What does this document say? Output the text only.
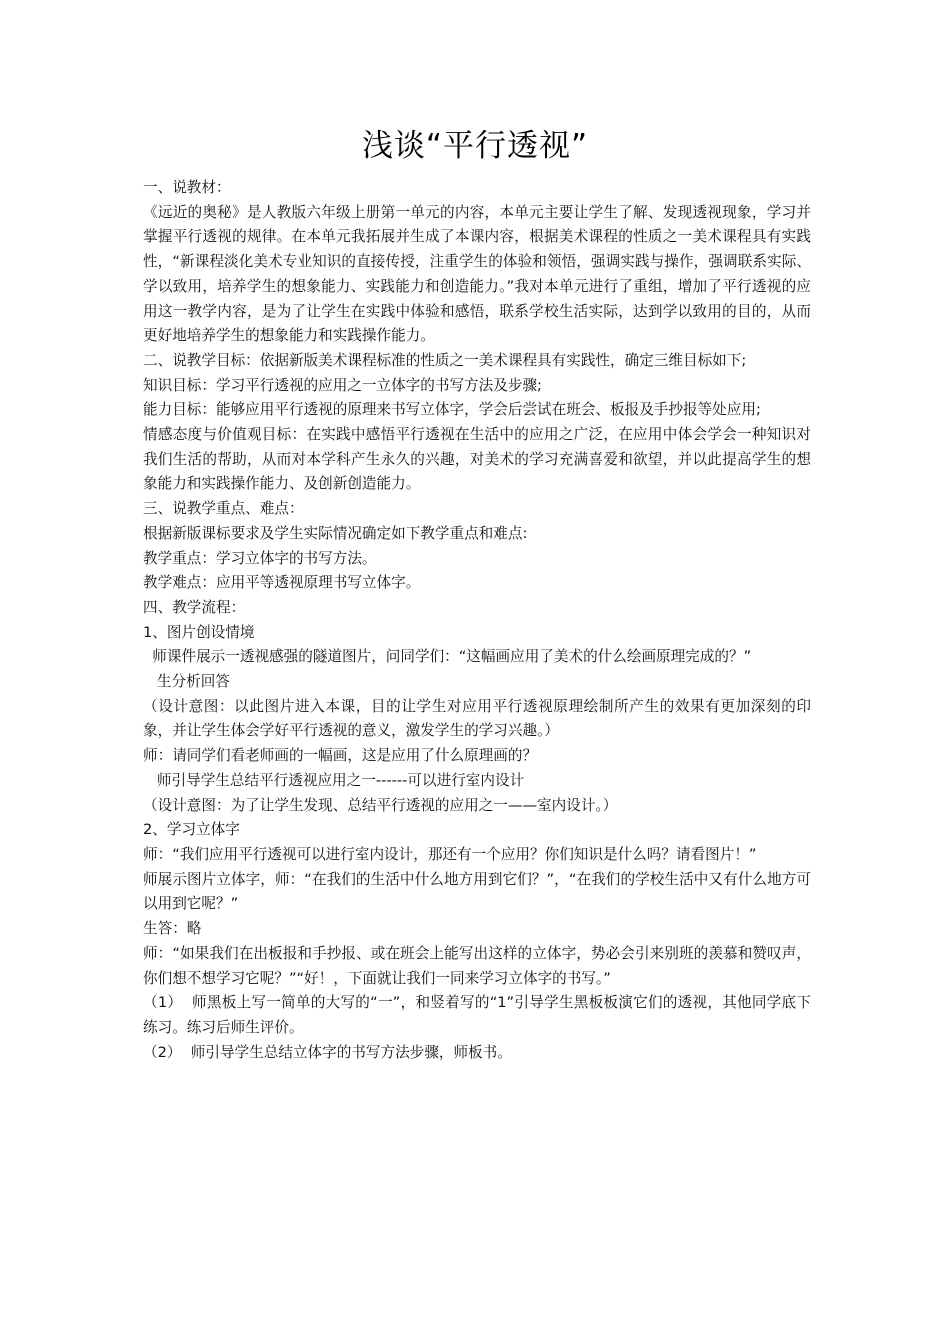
浅谈“平行透视”

一、说教材：

《远近的奥秘》是人教版六年级上册第一单元的内容，本单元主要让学生了解、发现透视现象，学习并掌握平行透视的规律。在本单元我拓展并生成了本课内容，根据美术课程的性质之一美术课程具有实践性，“新课程淡化美术专业知识的直接传授，注重学生的体验和领悟，强调实践与操作，强调联系实际、学以致用，培养学生的想象能力、实践能力和创造能力。”我对本单元进行了重组，增加了平行透视的应用这一教学内容，是为了让学生在实践中体验和感悟，联系学校生活实际，达到学以致用的目的，从而更好地培养学生的想象能力和实践操作能力。

二、说教学目标：依据新版美术课程标准的性质之一美术课程具有实践性，确定三维目标如下;

知识目标：学习平行透视的应用之一立体字的书写方法及步骤;

能力目标：能够应用平行透视的原理来书写立体字，学会后尝试在班会、板报及手抄报等处应用;

情感态度与价值观目标：在实践中感悟平行透视在生活中的应用之广泛，在应用中体会学会一种知识对我们生活的帮助，从而对本学科产生永久的兴趣，对美术的学习充满喜爱和欲望，并以此提高学生的想象能力和实践操作能力、及创新创造能力。

三、说教学重点、难点：

根据新版课标要求及学生实际情况确定如下教学重点和难点:

教学重点：学习立体字的书写方法。

教学难点：应用平等透视原理书写立体字。

四、教学流程：

1、图片创设情境

师课件展示一透视感强的隧道图片，问同学们：“这幅画应用了美术的什么绘画原理完成的？”

生分析回答

（设计意图：以此图片进入本课，目的让学生对应用平行透视原理绘制所产生的效果有更加深刻的印象，并让学生体会学好平行透视的意义，激发学生的学习兴趣。）

师：请同学们看老师画的一幅画，这是应用了什么原理画的？

师引导学生总结平行透视应用之一------可以进行室内设计

（设计意图：为了让学生发现、总结平行透视的应用之一——室内设计。）

2、学习立体字

师：“我们应用平行透视可以进行室内设计，那还有一个应用？你们知识是什么吗？请看图片！”

师展示图片立体字，师：“在我们的生活中什么地方用到它们？”，“在我们的学校生活中又有什么地方可以用到它呢？”

生答：略

师：“如果我们在出板报和手抄报、或在班会上能写出这样的立体字，势必会引来别班的羡慕和赞叹声，你们想不想学习它呢？”“好！，下面就让我们一同来学习立体字的书写。”

（1）  师黑板上写一简单的大写的“一”，和竖着写的“1”引导学生黑板板演它们的透视，其他同学底下练习。练习后师生评价。

（2）  师引导学生总结立体字的书写方法步骤，师板书。
